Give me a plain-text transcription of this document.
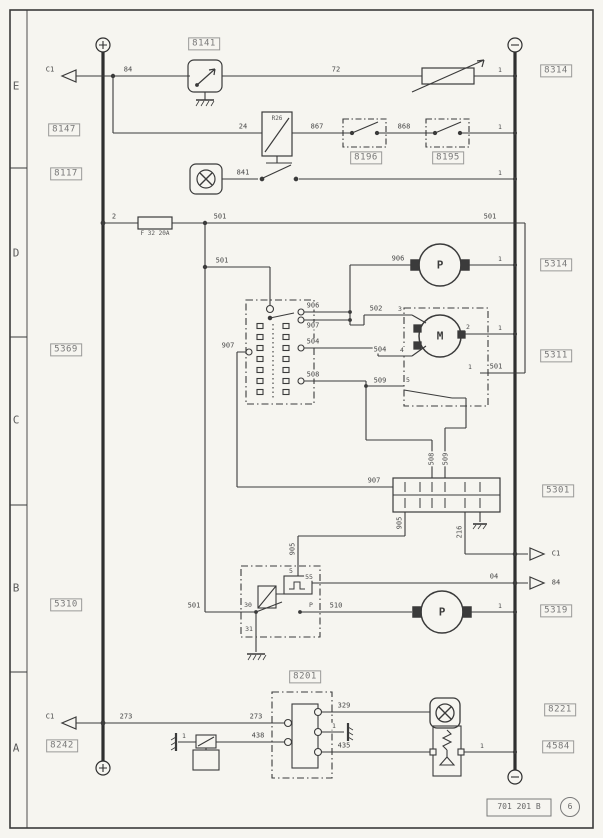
E
D
C
B
A
8141
8147
8117
5369
5310
8242
8201
8314
8196	8195
5314
5311
5301
5319
8221
4584
C1	84	72	1
24
R26
867	868	1
841	1
2
F 32 20A
501	501
501
907
906
907
504
508
906	1
P
502 3
2	1
504 4
1	501
509	5
M
907
508 509
905
216
905	C1
5
55	04
84
501	30
31
P 510	1
P
C1	273	273
1	438
329
1
435	1
701 201 B	6
